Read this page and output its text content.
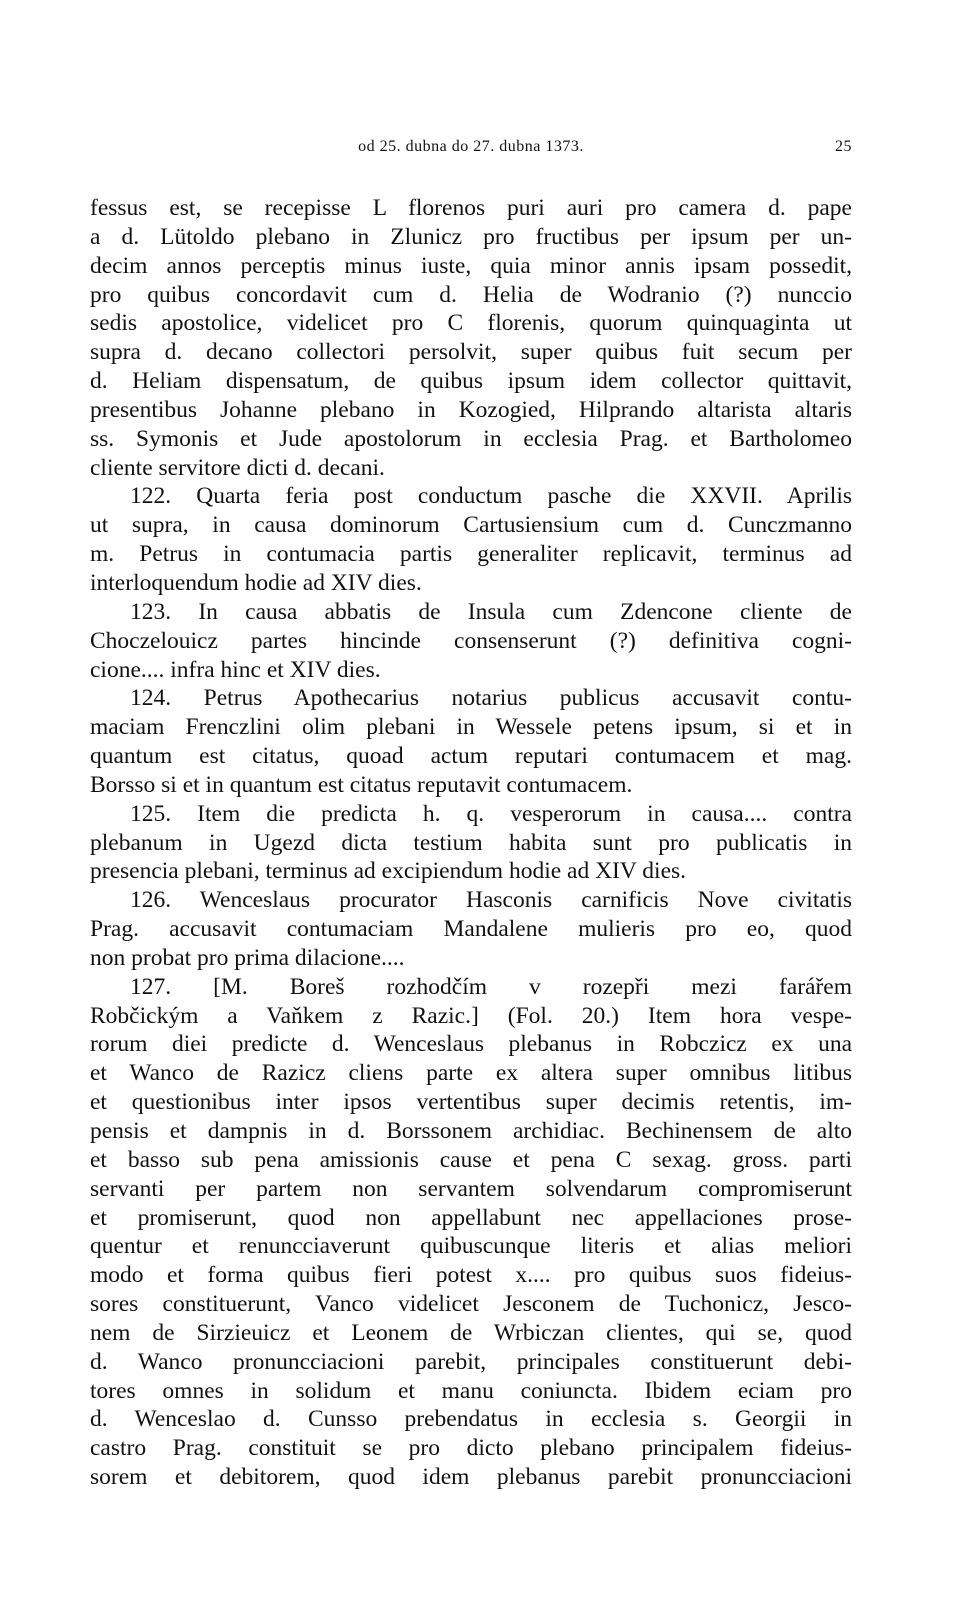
od 25. dubna do 27. dubna 1373.	25
fessus est, se recepisse L florenos puri auri pro camera d. pape
a d. Lütoldo plebano in Zlunicz pro fructibus per ipsum per un-
decim annos perceptis minus iuste, quia minor annis ipsam possedit,
pro quibus concordavit cum d. Helia de Wodranio (?) nunccio
sedis apostolice, videlicet pro C florenis, quorum quinquaginta ut
supra d. decano collectori persolvit, super quibus fuit secum per
d. Heliam dispensatum, de quibus ipsum idem collector quittavit,
presentibus Johanne plebano in Kozogied, Hilprando altarista altaris
ss. Symonis et Jude apostolorum in ecclesia Prag. et Bartholomeo
cliente servitore dicti d. decani.
122. Quarta feria post conductum pasche die XXVII. Aprilis
ut supra, in causa dominorum Cartusiensium cum d. Cunczmanno
m. Petrus in contumacia partis generaliter replicavit, terminus ad
interloquendum hodie ad XIV dies.
123. In causa abbatis de Insula cum Zdencone cliente de
Choczelouicz partes hincinde consenserunt (?) definitiva cogni-
cione.... infra hinc et XIV dies.
124. Petrus Apothecarius notarius publicus accusavit contu-
maciam Frenczlini olim plebani in Wessele petens ipsum, si et in
quantum est citatus, quoad actum reputari contumacem et mag.
Borsso si et in quantum est citatus reputavit contumacem.
125. Item die predicta h. q. vesperorum in causa.... contra
plebanum in Ugezd dicta testium habita sunt pro publicatis in
presencia plebani, terminus ad excipiendum hodie ad XIV dies.
126. Wenceslaus procurator Hasconis carnificis Nove civitatis
Prag. accusavit contumaciam Mandalene mulieris pro eo, quod
non probat pro prima dilacione....
127. [M. Boreš rozhodčím v rozepři mezi farářem
Robčickým a Vaňkem z Razic.] (Fol. 20.) Item hora vespe-
rorum diei predicte d. Wenceslaus plebanus in Robczicz ex una
et Wanco de Razicz cliens parte ex altera super omnibus litibus
et questionibus inter ipsos vertentibus super decimis retentis, im-
pensis et dampnis in d. Borssonem archidiac. Bechinensem de alto
et basso sub pena amissionis cause et pena C sexag. gross. parti
servanti per partem non servantem solvendarum compromiserunt
et promiserunt, quod non appellabunt nec appellaciones prose-
quentur et renuncciaverunt quibuscunque literis et alias meliori
modo et forma quibus fieri potest x.... pro quibus suos fideius-
sores constituerunt, Vanco videlicet Jesconem de Tuchonicz, Jesco-
nem de Sirzieuicz et Leonem de Wrbiczan clientes, qui se, quod
d. Wanco pronuncciacioni parebit, principales constituerunt debi-
tores omnes in solidum et manu coniuncta. Ibidem eciam pro
d. Wenceslao d. Cunsso prebendatus in ecclesia s. Georgii in
castro Prag. constituit se pro dicto plebano principalem fideius-
sorem et debitorem, quod idem plebanus parebit pronuncciacioni
